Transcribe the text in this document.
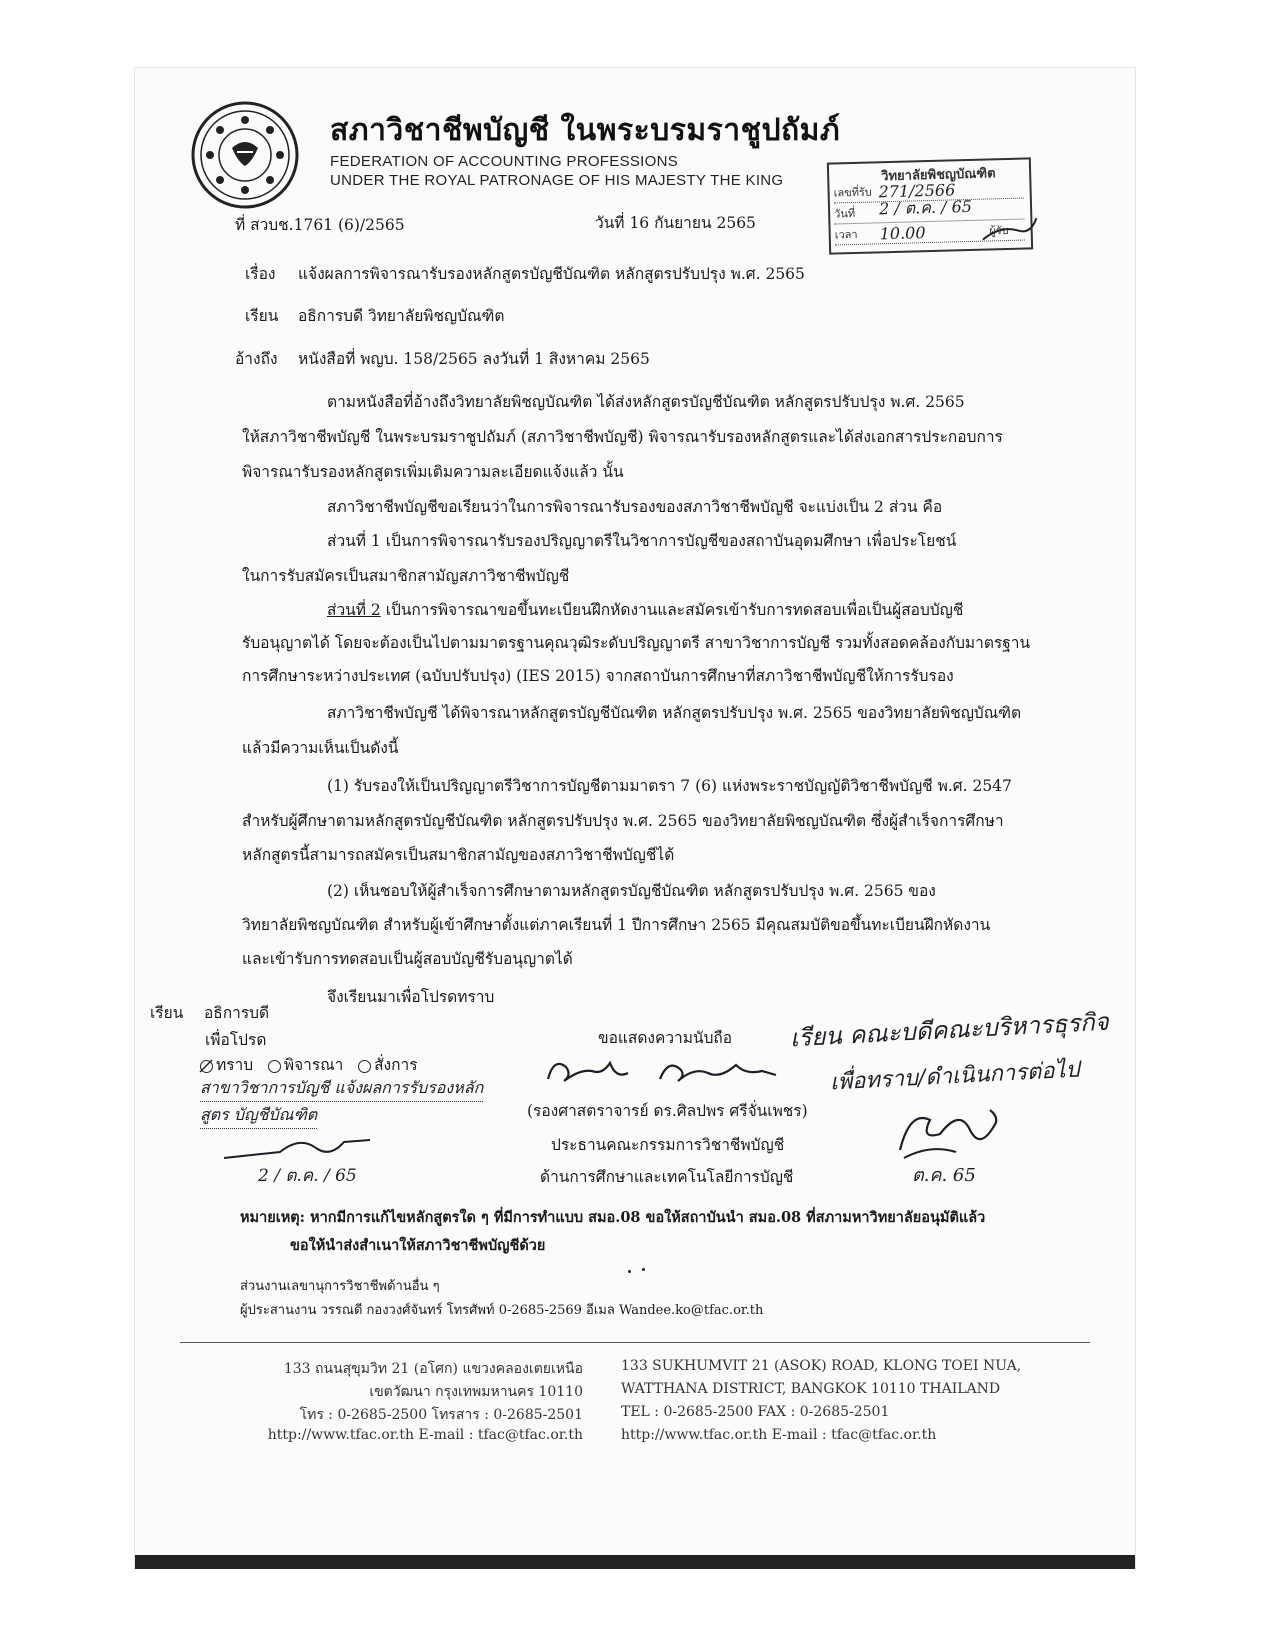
สภาวิชาชีพบัญชี ในพระบรมราชูปถัมภ์
FEDERATION OF ACCOUNTING PROFESSIONS
UNDER THE ROYAL PATRONAGE OF HIS MAJESTY THE KING	วิทยาลัยพิชญบัณฑิต
เลขที่รับ 271/2566
วันที่ 2 / ต.ค. / 65
เวลา 10.00	ผู้รับ
ที่ สวบช.1761 (6)/2565	วันที่ 16 กันยายน 2565
เรื่อง แจ้งผลการพิจารณารับรองหลักสูตรบัญชีบัณฑิต หลักสูตรปรับปรุง พ.ศ. 2565
เรียน อธิการบดี วิทยาลัยพิชญบัณฑิต
อ้างถึง หนังสือที่ พญบ. 158/2565 ลงวันที่ 1 สิงหาคม 2565
ตามหนังสือที่อ้างถึงวิทยาลัยพิชญบัณฑิต ได้ส่งหลักสูตรบัญชีบัณฑิต หลักสูตรปรับปรุง พ.ศ. 2565
ให้สภาวิชาชีพบัญชี ในพระบรมราชูปถัมภ์ (สภาวิชาชีพบัญชี) พิจารณารับรองหลักสูตรและได้ส่งเอกสารประกอบการ
พิจารณารับรองหลักสูตรเพิ่มเติมความละเอียดแจ้งแล้ว นั้น
สภาวิชาชีพบัญชีขอเรียนว่าในการพิจารณารับรองของสภาวิชาชีพบัญชี จะแบ่งเป็น 2 ส่วน คือ
ส่วนที่ 1 เป็นการพิจารณารับรองปริญญาตรีในวิชาการบัญชีของสถาบันอุดมศึกษา เพื่อประโยชน์
ในการรับสมัครเป็นสมาชิกสามัญสภาวิชาชีพบัญชี
ส่วนที่ 2 เป็นการพิจารณาขอขึ้นทะเบียนฝึกหัดงานและสมัครเข้ารับการทดสอบเพื่อเป็นผู้สอบบัญชี
รับอนุญาตได้ โดยจะต้องเป็นไปตามมาตรฐานคุณวุฒิระดับปริญญาตรี สาขาวิชาการบัญชี รวมทั้งสอดคล้องกับมาตรฐาน
การศึกษาระหว่างประเทศ (ฉบับปรับปรุง) (IES 2015) จากสถาบันการศึกษาที่สภาวิชาชีพบัญชีให้การรับรอง
สภาวิชาชีพบัญชี ได้พิจารณาหลักสูตรบัญชีบัณฑิต หลักสูตรปรับปรุง พ.ศ. 2565 ของวิทยาลัยพิชญบัณฑิต
แล้วมีความเห็นเป็นดังนี้
(1) รับรองให้เป็นปริญญาตรีวิชาการบัญชีตามมาตรา 7 (6) แห่งพระราชบัญญัติวิชาชีพบัญชี พ.ศ. 2547
สำหรับผู้ศึกษาตามหลักสูตรบัญชีบัณฑิต หลักสูตรปรับปรุง พ.ศ. 2565 ของวิทยาลัยพิชญบัณฑิต ซึ่งผู้สำเร็จการศึกษา
หลักสูตรนี้สามารถสมัครเป็นสมาชิกสามัญของสภาวิชาชีพบัญชีได้
(2) เห็นชอบให้ผู้สำเร็จการศึกษาตามหลักสูตรบัญชีบัณฑิต หลักสูตรปรับปรุง พ.ศ. 2565 ของ
วิทยาลัยพิชญบัณฑิต สำหรับผู้เข้าศึกษาตั้งแต่ภาคเรียนที่ 1 ปีการศึกษา 2565 มีคุณสมบัติขอขึ้นทะเบียนฝึกหัดงาน
และเข้ารับการทดสอบเป็นผู้สอบบัญชีรับอนุญาตได้
จึงเรียนมาเพื่อโปรดทราบ
ขอแสดงความนับถือ
(รองศาสตราจารย์ ดร.ศิลปพร ศรีจั่นเพชร)
ประธานคณะกรรมการวิชาชีพบัญชี
ด้านการศึกษาและเทคโนโลยีการบัญชี
เรียน อธิการบดี
เพื่อโปรด
ทราบ พิจารณา สั่งการ
สาขาวิชาการบัญชี แจ้งผลการรับรองหลัก
สูตร บัญชีบัณฑิต
2 / ต.ค. / 65
เรียน คณะบดีคณะบริหารธุรกิจ
เพื่อทราบ/ดำเนินการต่อไป
ต.ค. 65
หมายเหตุ: หากมีการแก้ไขหลักสูตรใด ๆ ที่มีการทำแบบ สมอ.08 ขอให้สถาบันนำ สมอ.08 ที่สภามหาวิทยาลัยอนุมัติแล้ว
ขอให้นำส่งสำเนาให้สภาวิชาชีพบัญชีด้วย
ส่วนงานเลขานุการวิชาชีพด้านอื่น ๆ
ผู้ประสานงาน วรรณดี กองวงศ์จันทร์ โทรศัพท์ 0-2685-2569 อีเมล Wandee.ko@tfac.or.th
133 ถนนสุขุมวิท 21 (อโศก) แขวงคลองเตยเหนือ
เขตวัฒนา กรุงเทพมหานคร 10110
โทร : 0-2685-2500 โทรสาร : 0-2685-2501
http://www.tfac.or.th E-mail : tfac@tfac.or.th
133 SUKHUMVIT 21 (ASOK) ROAD, KLONG TOEI NUA,
WATTHANA DISTRICT, BANGKOK 10110 THAILAND
TEL : 0-2685-2500 FAX : 0-2685-2501
http://www.tfac.or.th E-mail : tfac@tfac.or.th
